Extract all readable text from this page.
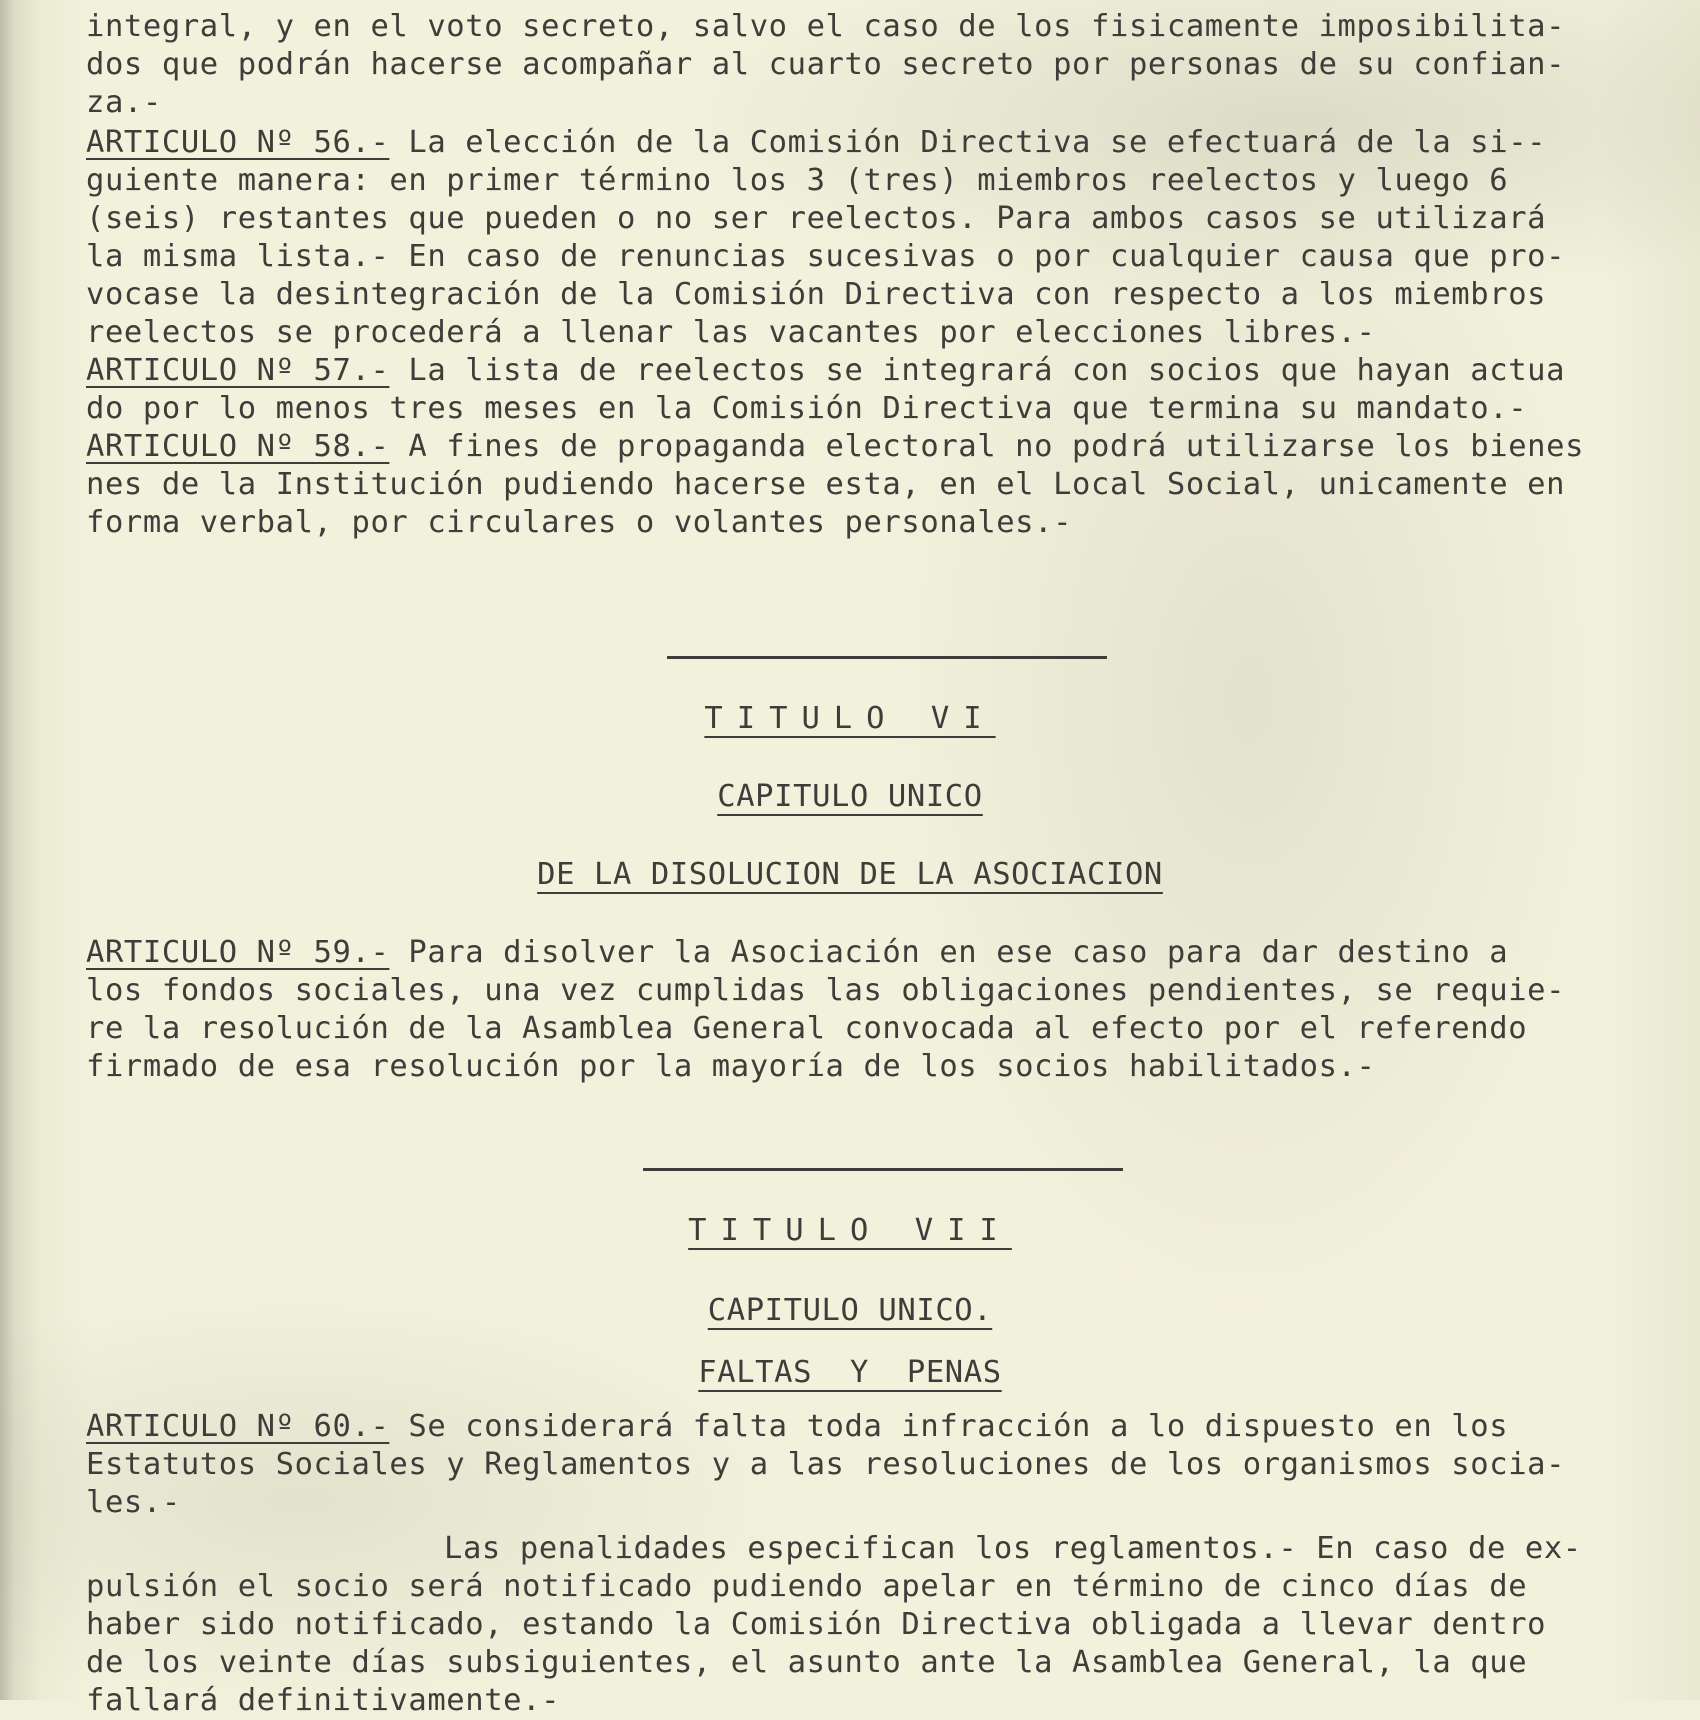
integral, y en el voto secreto, salvo el caso de los fisicamente imposibilita-
dos que podrán hacerse acompañar al cuarto secreto por personas de su confian-
za.-
ARTICULO Nº 56.- La elección de la Comisión Directiva se efectuará de la si--
guiente manera: en primer término los 3 (tres) miembros reelectos y luego 6
(seis) restantes que pueden o no ser reelectos. Para ambos casos se utilizará
la misma lista.- En caso de renuncias sucesivas o por cualquier causa que pro-
vocase la desintegración de la Comisión Directiva con respecto a los miembros
reelectos se procederá a llenar las vacantes por elecciones libres.-
ARTICULO Nº 57.- La lista de reelectos se integrará con socios que hayan actua
do por lo menos tres meses en la Comisión Directiva que termina su mandato.-
ARTICULO Nº 58.- A fines de propaganda electoral no podrá utilizarse los bienes
nes de la Institución pudiendo hacerse esta, en el Local Social, unicamente en
forma verbal, por circulares o volantes personales.-
ARTICULO Nº 59.- Para disolver la Asociación en ese caso para dar destino a
los fondos sociales, una vez cumplidas las obligaciones pendientes, se requie-
re la resolución de la Asamblea General convocada al efecto por el referendo
firmado de esa resolución por la mayoría de los socios habilitados.-
ARTICULO Nº 60.- Se considerará falta toda infracción a lo dispuesto en los
Estatutos Sociales y Reglamentos y a las resoluciones de los organismos socia-
les.-
Las penalidades especifican los reglamentos.- En caso de ex-
pulsión el socio será notificado pudiendo apelar en término de cinco días de
haber sido notificado, estando la Comisión Directiva obligada a llevar dentro
de los veinte días subsiguientes, el asunto ante la Asamblea General, la que
fallará definitivamente.-
TITULO VI
CAPITULO UNICO
DE LA DISOLUCION DE LA ASOCIACION
TITULO VII
CAPITULO UNICO.
FALTAS  Y  PENAS
